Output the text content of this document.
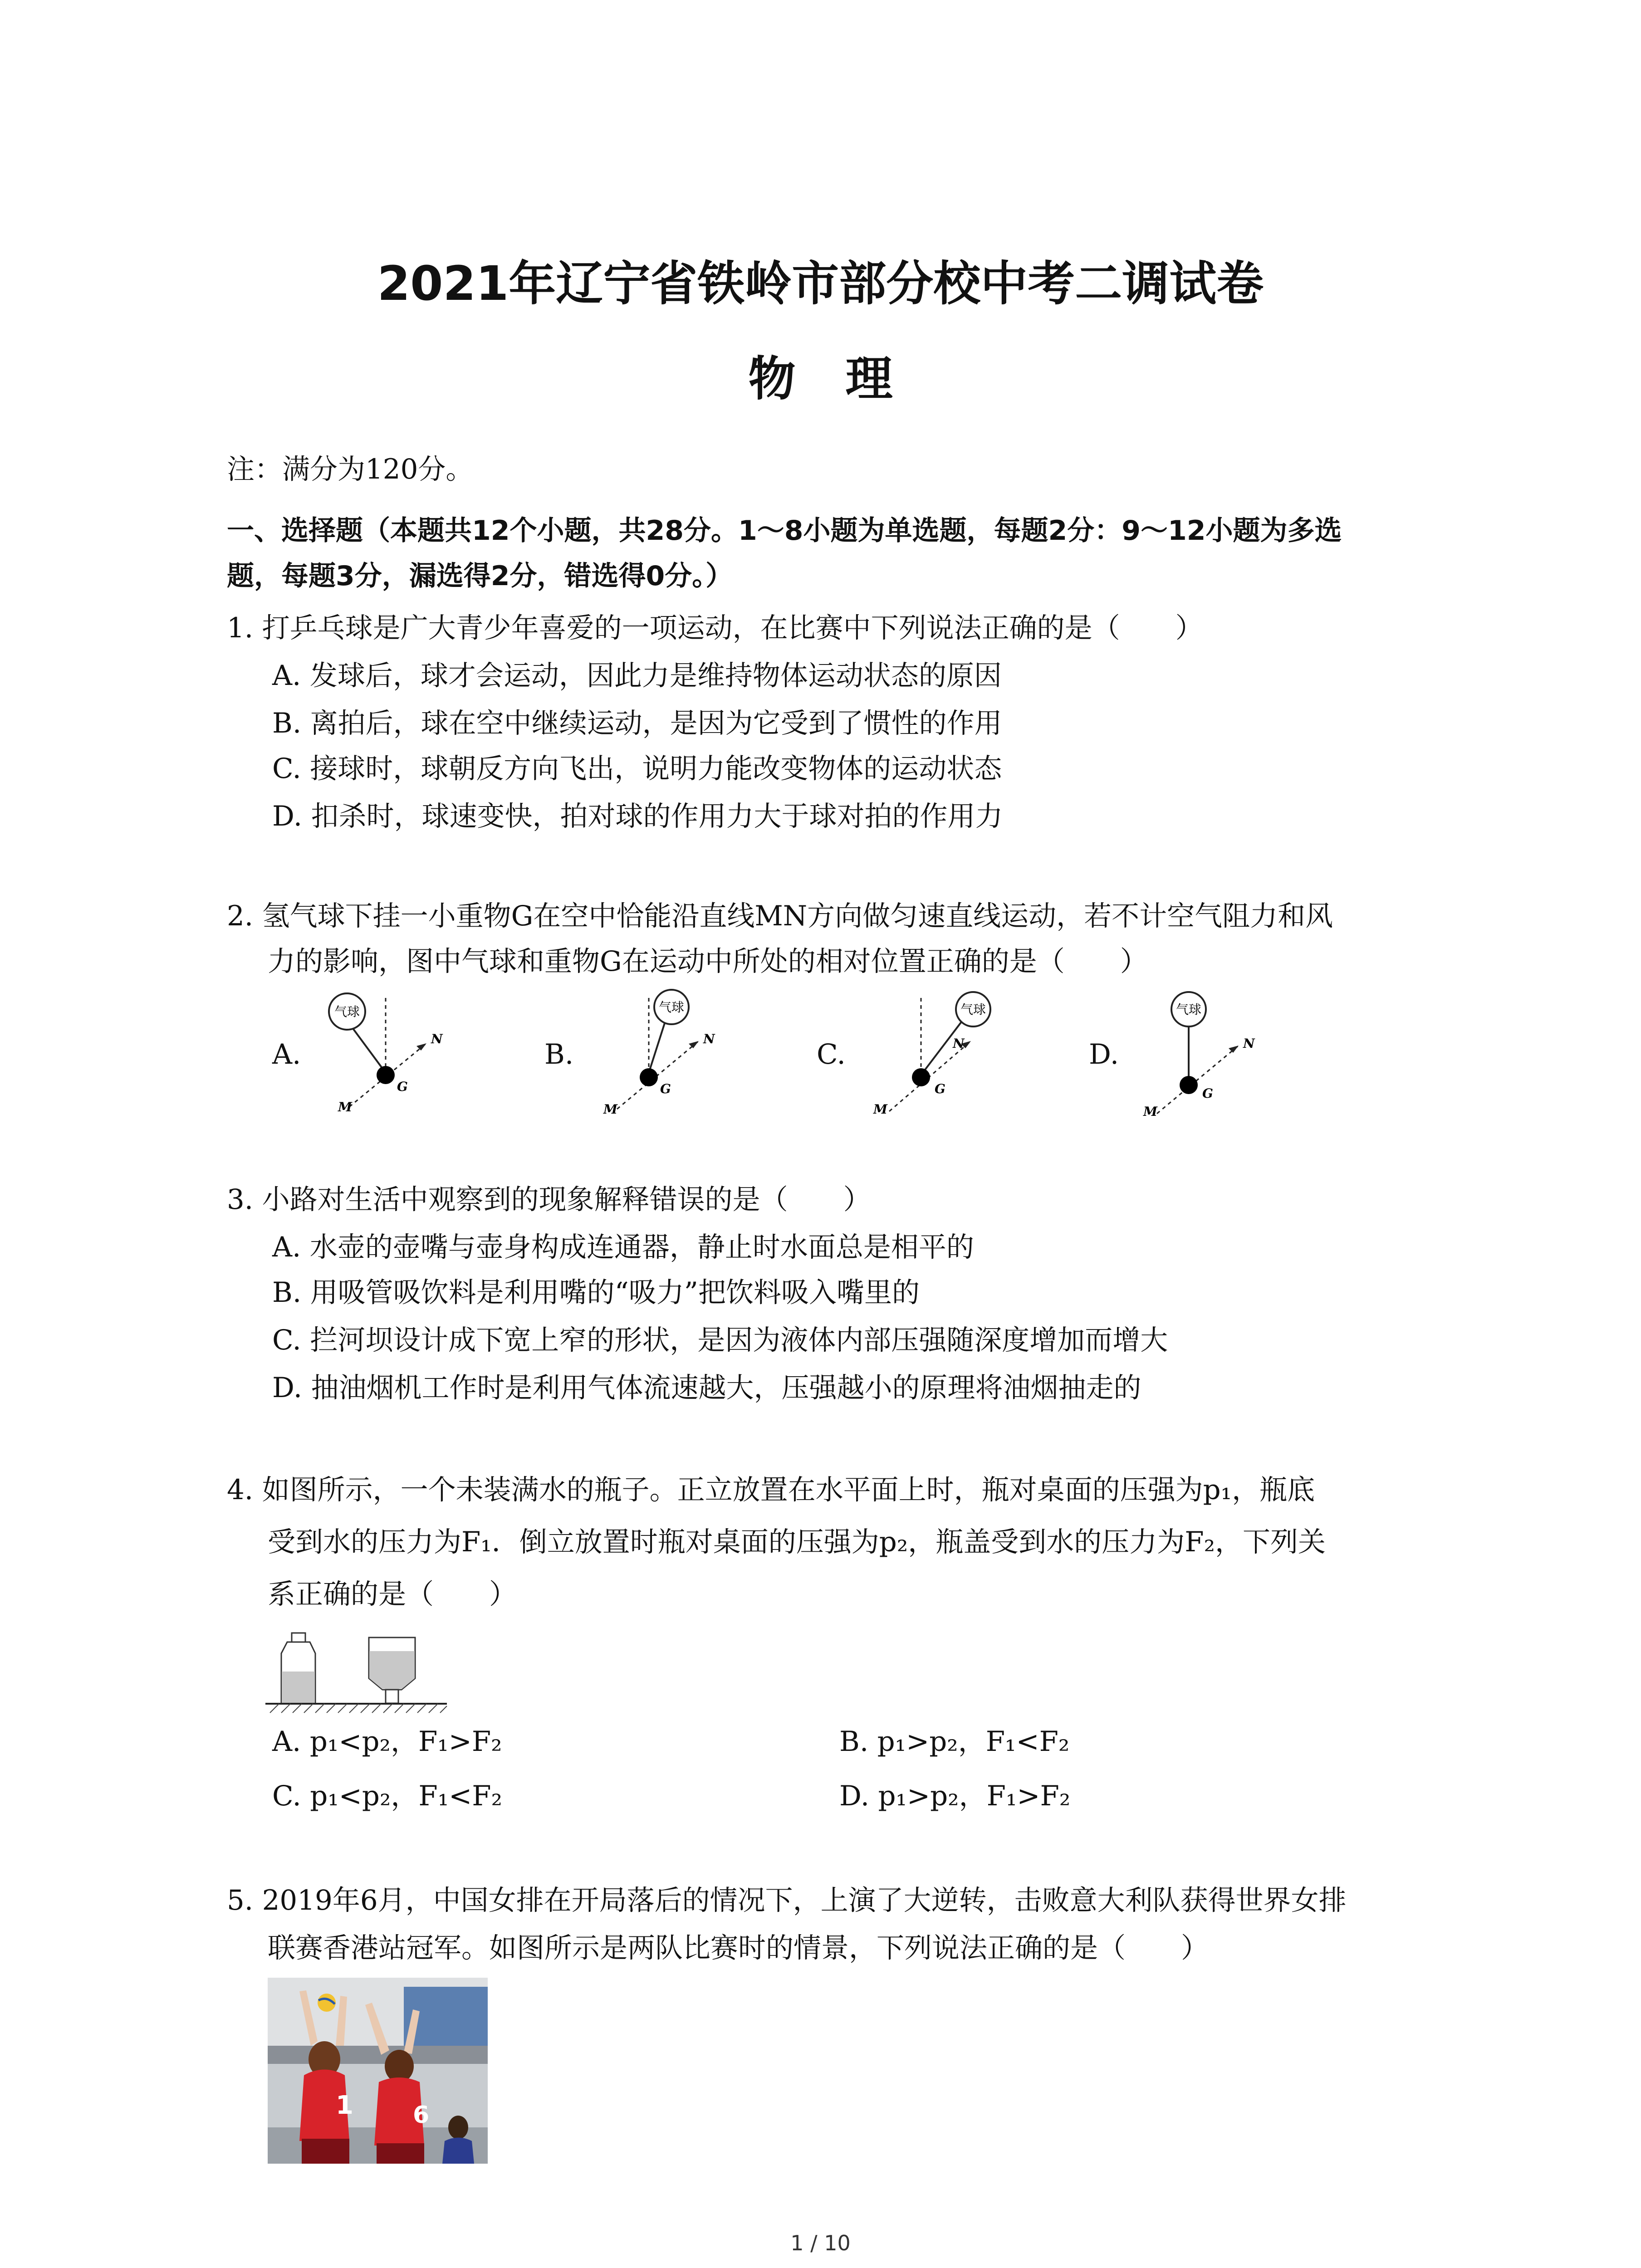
2021年辽宁省铁岭市部分校中考二调试卷
物理
注：满分为120分。
一、选择题（本题共12个小题，共28分。1～8小题为单选题，每题2分：9～12小题为多选
题，每题3分，漏选得2分，错选得0分。）
1. 打乒乓球是广大青少年喜爱的一项运动，在比赛中下列说法正确的是（　　）
A. 发球后，球才会运动，因此力是维持物体运动状态的原因
B. 离拍后，球在空中继续运动，是因为它受到了惯性的作用
C. 接球时，球朝反方向飞出，说明力能改变物体的运动状态
D. 扣杀时，球速变快，拍对球的作用力大于球对拍的作用力
2. 氢气球下挂一小重物G在空中恰能沿直线MN方向做匀速直线运动，若不计空气阻力和风
力的影响，图中气球和重物G在运动中所处的相对位置正确的是（　　）
A.	B.	C.	D.
气球
G
N
M
气球
G
N
M
气球
G
N
M
气球
G
N
M
3. 小路对生活中观察到的现象解释错误的是（　　）
A. 水壶的壶嘴与壶身构成连通器，静止时水面总是相平的
B. 用吸管吸饮料是利用嘴的“吸力”把饮料吸入嘴里的
C. 拦河坝设计成下宽上窄的形状，是因为液体内部压强随深度增加而增大
D. 抽油烟机工作时是利用气体流速越大，压强越小的原理将油烟抽走的
4. 如图所示，一个未装满水的瓶子。正立放置在水平面上时，瓶对桌面的压强为p₁，瓶底
受到水的压力为F₁．倒立放置时瓶对桌面的压强为p₂，瓶盖受到水的压力为F₂，下列关
系正确的是（　　）
A. p₁<p₂，F₁>F₂	B. p₁>p₂，F₁<F₂
C. p₁<p₂，F₁<F₂	D. p₁>p₂，F₁>F₂
5. 2019年6月，中国女排在开局落后的情况下，上演了大逆转，击败意大利队获得世界女排
联赛香港站冠军。如图所示是两队比赛时的情景，下列说法正确的是（　　）
1	6
1 / 10
